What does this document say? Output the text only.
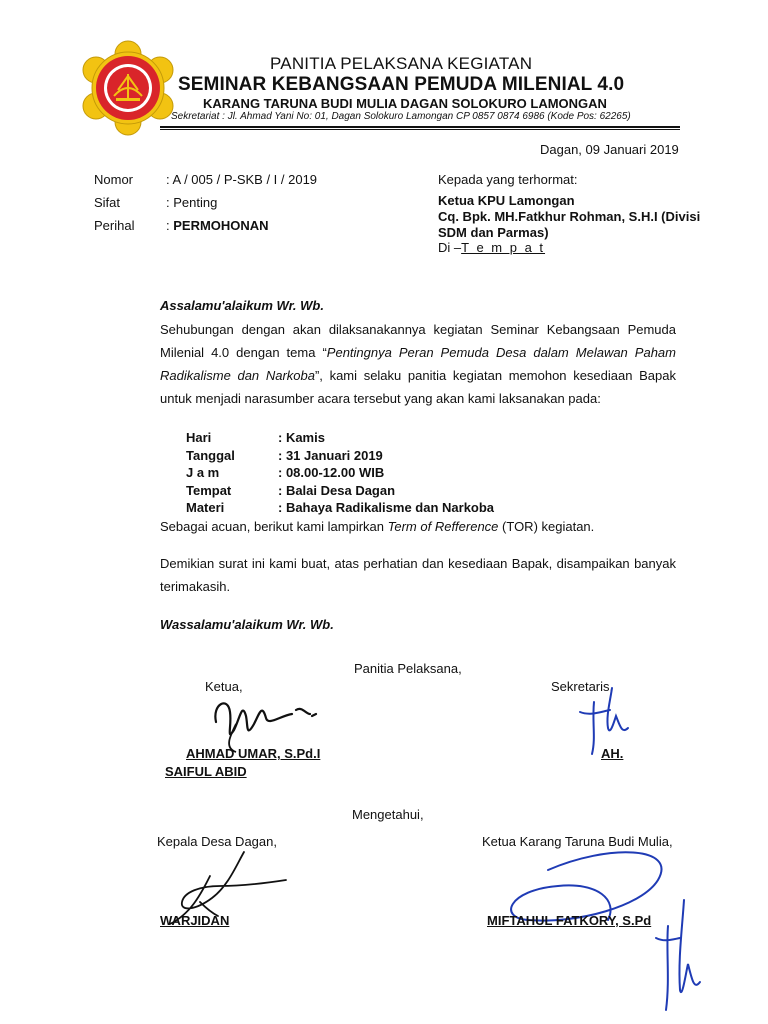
PANITIA PELAKSANA KEGIATAN
SEMINAR KEBANGSAAN PEMUDA MILENIAL 4.0
KARANG TARUNA BUDI MULIA DAGAN SOLOKURO LAMONGAN
Sekretariat : Jl. Ahmad Yani No: 01, Dagan Solokuro Lamongan CP 0857 0874 6986 (Kode Pos: 62265)
Dagan, 09 Januari 2019
Nomor	: A / 005 / P-SKB / I / 2019
Sifat	: Penting
Perihal : PERMOHONAN
Kepada yang terhormat:
Ketua KPU Lamongan
Cq. Bpk. MH.Fatkhur Rohman, S.H.I (Divisi
SDM dan Parmas)
Di –T e m p a t
Assalamu'alaikum Wr. Wb.
Sehubungan dengan akan dilaksanakannya kegiatan Seminar Kebangsaan Pemuda Milenial 4.0 dengan tema “Pentingnya Peran Pemuda Desa dalam Melawan Paham Radikalisme dan Narkoba”, kami selaku panitia kegiatan memohon kesediaan Bapak untuk menjadi narasumber acara tersebut yang akan kami laksanakan pada:
Hari	: Kamis
Tanggal	: 31 Januari 2019
J a m	: 08.00-12.00 WIB
Tempat	: Balai Desa Dagan
Materi	: Bahaya Radikalisme dan Narkoba
Sebagai acuan, berikut kami lampirkan Term of Refference (TOR) kegiatan.
Demikian surat ini kami buat, atas perhatian dan kesediaan Bapak, disampaikan banyak terimakasih.
Wassalamu'alaikum Wr. Wb.
Panitia Pelaksana,
Ketua,	Sekretaris,
AHMAD UMAR, S.Pd.I	AH.
SAIFUL ABID
Mengetahui,
Kepala Desa Dagan,	Ketua Karang Taruna Budi Mulia,
WARJIDAN	MIFTAHUL FATKORY, S.Pd
